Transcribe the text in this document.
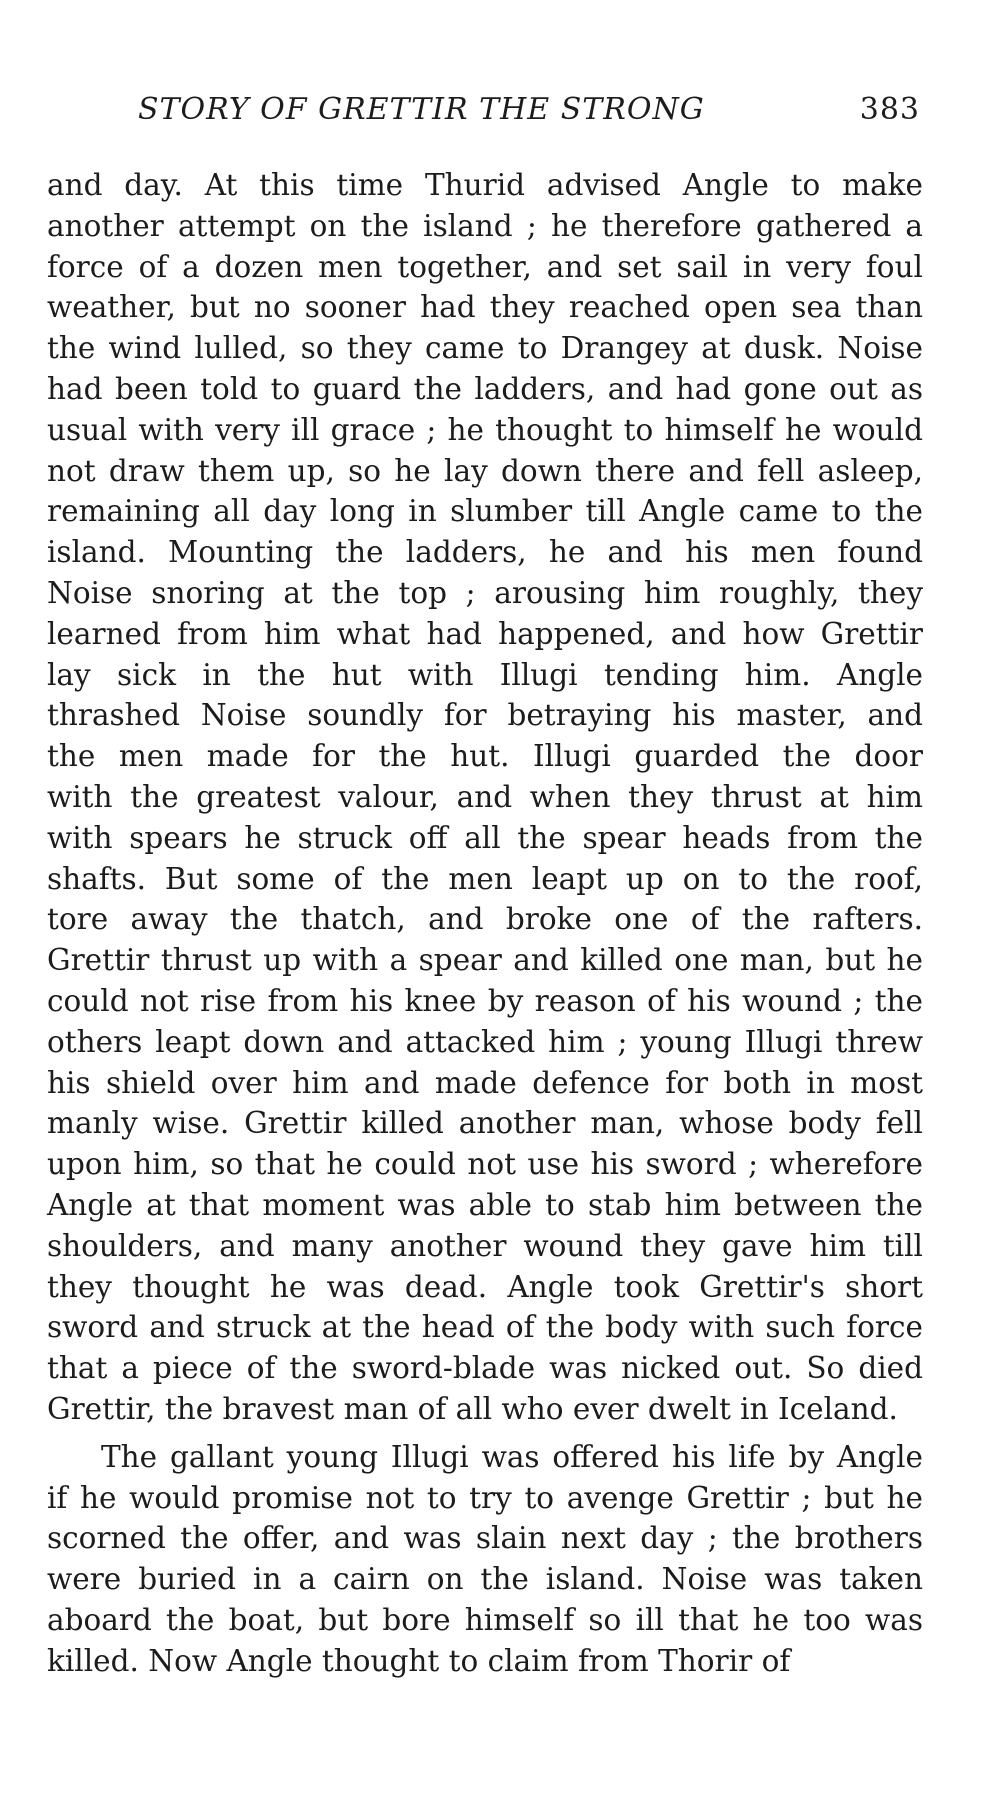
STORY OF GRETTIR THE STRONG	383
and day. At this time Thurid advised Angle to make
another attempt on the island ; he therefore gathered a
force of a dozen men together, and set sail in very foul
weather, but no sooner had they reached open sea than
the wind lulled, so they came to Drangey at dusk. Noise
had been told to guard the ladders, and had gone out as
usual with very ill grace ; he thought to himself he would
not draw them up, so he lay down there and fell asleep,
remaining all day long in slumber till Angle came to the
island. Mounting the ladders, he and his men found
Noise snoring at the top ; arousing him roughly, they
learned from him what had happened, and how Grettir
lay sick in the hut with Illugi tending him. Angle
thrashed Noise soundly for betraying his master, and
the men made for the hut. Illugi guarded the door
with the greatest valour, and when they thrust at him
with spears he struck off all the spear heads from the
shafts. But some of the men leapt up on to the roof,
tore away the thatch, and broke one of the rafters.
Grettir thrust up with a spear and killed one man, but he
could not rise from his knee by reason of his wound ; the
others leapt down and attacked him ; young Illugi threw
his shield over him and made defence for both in most
manly wise. Grettir killed another man, whose body fell
upon him, so that he could not use his sword ; wherefore
Angle at that moment was able to stab him between the
shoulders, and many another wound they gave him till
they thought he was dead. Angle took Grettir's short
sword and struck at the head of the body with such force
that a piece of the sword-blade was nicked out. So died
Grettir, the bravest man of all who ever dwelt in Iceland.
The gallant young Illugi was offered his life by Angle
if he would promise not to try to avenge Grettir ; but he
scorned the offer, and was slain next day ; the brothers
were buried in a cairn on the island. Noise was taken
aboard the boat, but bore himself so ill that he too was
killed. Now Angle thought to claim from Thorir of
